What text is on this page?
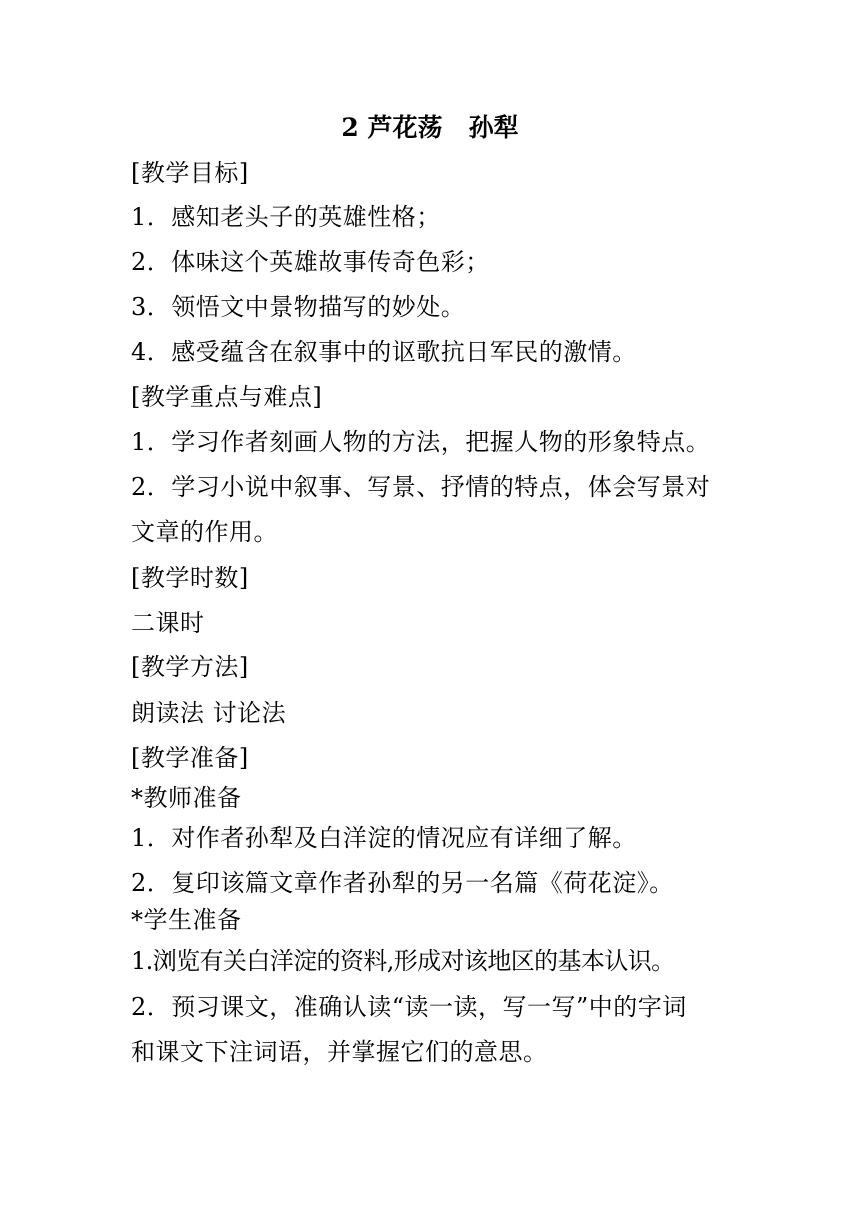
2 芦花荡   孙犁
[教学目标]
1．感知老头子的英雄性格；
2．体味这个英雄故事传奇色彩；
3．领悟文中景物描写的妙处。
4．感受蕴含在叙事中的讴歌抗日军民的激情。
[教学重点与难点]
1．学习作者刻画人物的方法，把握人物的形象特点。
2．学习小说中叙事、写景、抒情的特点，体会写景对
文章的作用。
[教学时数]
二课时
[教学方法]
朗读法 讨论法
[教学准备]
*教师准备
1．对作者孙犁及白洋淀的情况应有详细了解。
2．复印该篇文章作者孙犁的另一名篇《荷花淀》。
*学生准备
1.浏览有关白洋淀的资料,形成对该地区的基本认识。
2．预习课文，准确认读“读一读，写一写”中的字词
和课文下注词语，并掌握它们的意思。
